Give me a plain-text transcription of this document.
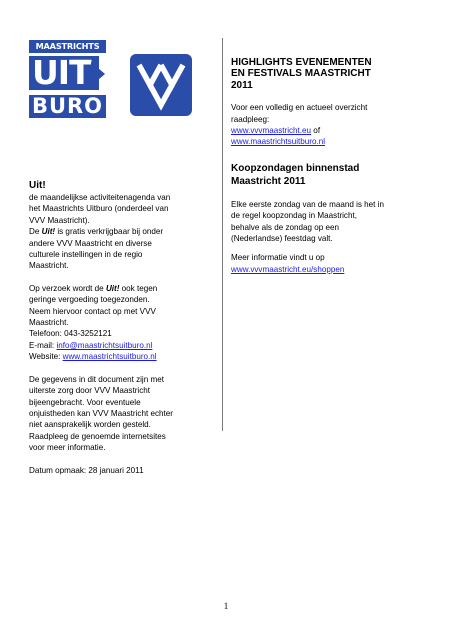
MAASTRICHTS
UIT
BURO
Uit!

de maandelijkse activiteitenagenda van

het Maastrichts Uitburo (onderdeel van

VVV Maastricht).

De Uit! is gratis verkrijgbaar bij onder

andere VVV Maastricht en diverse

culturele instellingen in de regio

Maastricht.

Op verzoek wordt de Uit! ook tegen

geringe vergoeding toegezonden.

Neem hiervoor contact op met VVV

Maastricht.

Telefoon: 043-3252121

E-mail: info@maastrichtsuitburo.nl

Website: www.maastrichtsuitburo.nl

De gegevens in dit document zijn met

uiterste zorg door VVV Maastricht

bijeengebracht. Voor eventuele

onjuistheden kan VVV Maastricht echter

niet aansprakelijk worden gesteld.

Raadpleeg de genoemde internetsites

voor meer informatie.

Datum opmaak: 28 januari 2011

HIGHLIGHTS EVENEMENTEN
EN FESTIVALS MAASTRICHT
2011

Voor een volledig en actueel overzicht

raadpleeg:

www.vvvmaastricht.eu of

www.maastrichtsuitburo.nl

Koopzondagen binnenstad
Maastricht 2011

Elke eerste zondag van de maand is het in

de regel koopzondag in Maastricht,

behalve als de zondag op een

(Nederlandse) feestdag valt.

Meer informatie vindt u op

www.vvvmaastricht.eu/shoppen

1
